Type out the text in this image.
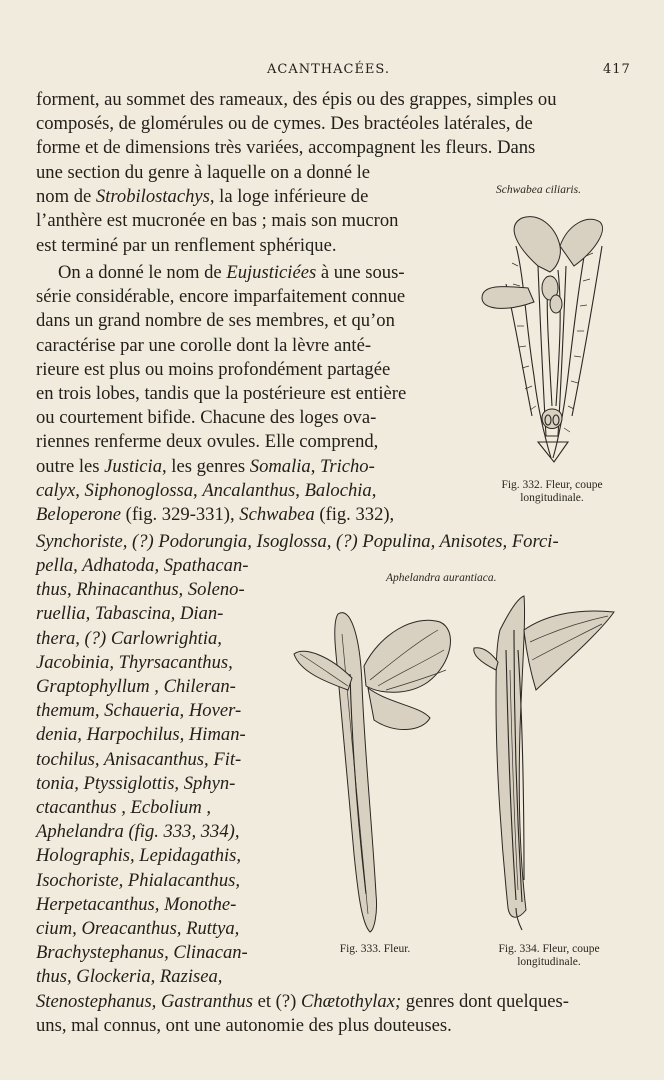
ACANTHACÉES.	417

forment, au sommet des rameaux, des épis ou des grappes, simples ou

composés, de glomérules ou de cymes. Des bractéoles latérales, de

forme et de dimensions très variées, accompagnent les fleurs. Dans

une section du genre à laquelle on a donné le

nom de Strobilostachys, la loge inférieure de

l’anthère est mucronée en bas ; mais son mucron

est terminé par un renflement sphérique.

On a donné le nom de Eujusticiées à une sous-

série considérable, encore imparfaitement connue

dans un grand nombre de ses membres, et qu’on

caractérise par une corolle dont la lèvre anté-

rieure est plus ou moins profondément partagée

en trois lobes, tandis que la postérieure est entière

ou courtement bifide. Chacune des loges ova-

riennes renferme deux ovules. Elle comprend,

outre les Justicia, les genres Somalia, Tricho-

calyx, Siphonoglossa, Ancalanthus, Balochia,

Beloperone (fig. 329-331), Schwabea (fig. 332),

Synchoriste, (?) Podorungia, Isoglossa, (?) Populina, Anisotes, Forci-

pella, Adhatoda, Spathacan-

thus, Rhinacanthus, Soleno-

ruellia, Tabascina, Dian-

thera, (?) Carlowrightia,

Jacobinia, Thyrsacanthus,

Graptophyllum , Chileran-

themum, Schaueria, Hover-

denia, Harpochilus, Himan-

tochilus, Anisacanthus, Fit-

tonia, Ptyssiglottis, Sphyn-

ctacanthus , Ecbolium ,

Aphelandra (fig. 333, 334),

Holographis, Lepidagathis,

Isochoriste, Phialacanthus,

Herpetacanthus, Monothe-

cium, Oreacanthus, Ruttya,

Brachystephanus, Clinacan-

thus, Glockeria, Razisea,

Stenostephanus, Gastranthus et (?) Chætothylax; genres dont quelques-

uns, mal connus, ont une autonomie des plus douteuses.

Schwabea ciliaris.
Fig. 332. Fleur, coupe
longitudinale.
Aphelandra aurantiaca.
Fig. 333. Fleur.	Fig. 334. Fleur, coupe
longitudinale.
